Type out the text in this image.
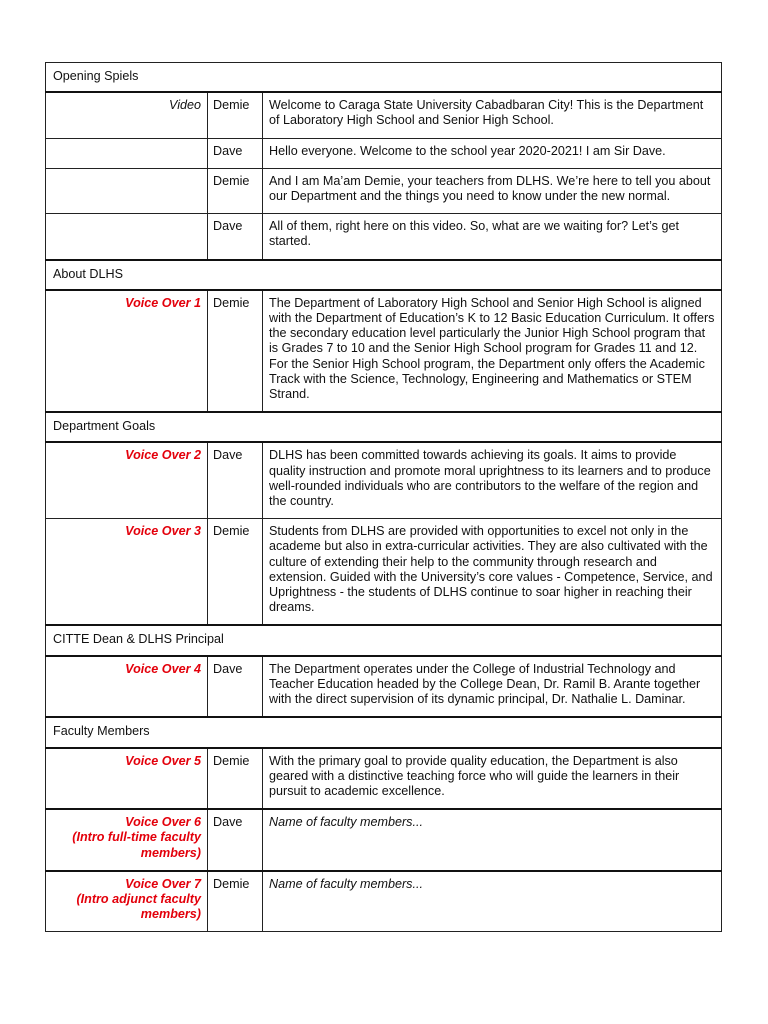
Opening Spiels		

Video	Demie	Welcome to Caraga State University Cabadbaran City! This is the Department of Laboratory High School and Senior High School.
	Dave	Hello everyone. Welcome to the school year 2020-2021! I am Sir Dave.
	Demie	And I am Ma’am Demie, your teachers from DLHS. We’re here to tell you about our Department and the things you need to know under the new normal.
	Dave	All of them, right here on this video. So, what are we waiting for? Let’s get started.

About DLHS		

Voice Over 1	Demie	The Department of Laboratory High School and Senior High School is aligned with the Department of Education’s K to 12 Basic Education Curriculum. It offers the secondary education level particularly the Junior High School program that is Grades 7 to 10 and the Senior High School program for Grades 11 and 12. For the Senior High School program, the Department only offers the Academic Track with the Science, Technology, Engineering and Mathematics or STEM Strand.

Department Goals		

Voice Over 2	Dave	DLHS has been committed towards achieving its goals. It aims to provide quality instruction and promote moral uprightness to its learners and to produce well-rounded individuals who are contributors to the welfare of the region and the country.
Voice Over 3	Demie	Students from DLHS are provided with opportunities to excel not only in the academe but also in extra-curricular activities. They are also cultivated with the culture of extending their help to the community through research and extension. Guided with the University’s core values - Competence, Service, and Uprightness - the students of DLHS continue to soar higher in reaching their dreams.

CITTE Dean & DLHS Principal		

Voice Over 4	Dave	The Department operates under the College of Industrial Technology and Teacher Education headed by the College Dean, Dr. Ramil B. Arante together with the direct supervision of its dynamic principal, Dr. Nathalie L. Daminar.

Faculty Members		

Voice Over 5	Demie	With the primary goal to provide quality education, the Department is also geared with a distinctive teaching force who will guide the learners in their pursuit to academic excellence.

Voice Over 6
(Intro full-time faculty members)	Dave	Name of faculty members...

Voice Over 7
(Intro adjunct faculty members)	Demie	Name of faculty members...
